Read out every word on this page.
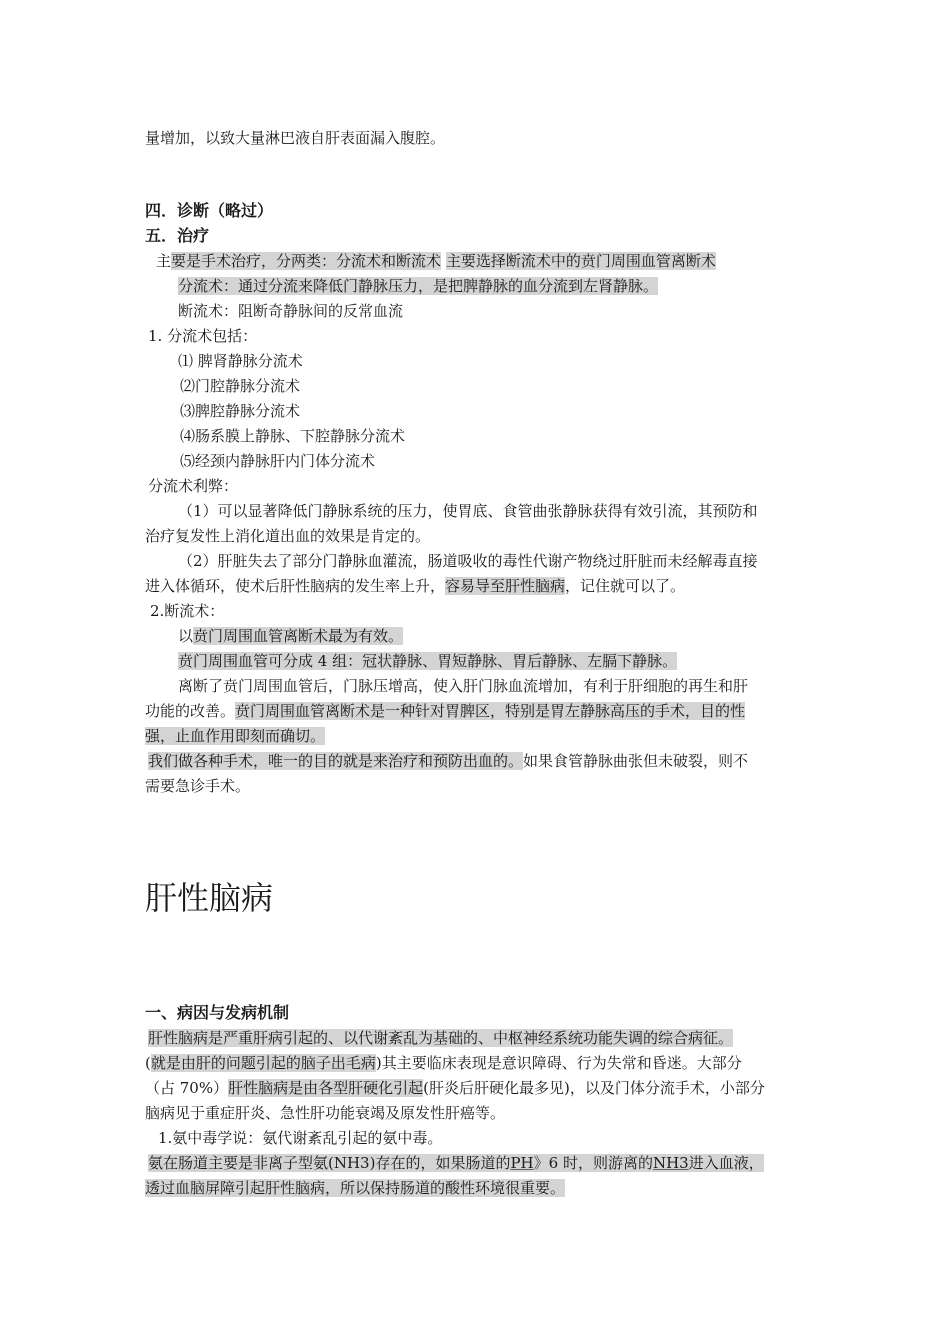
量增加，以致大量淋巴液自肝表面漏入腹腔。
四．诊断（略过）
五．治疗
主要是手术治疗，分两类：分流术和断流术 主要选择断流术中的贲门周围血管离断术
分流术：通过分流来降低门静脉压力，是把脾静脉的血分流到左肾静脉。
断流术：阻断奇静脉间的反常血流
1. 分流术包括：
⑴ 脾肾静脉分流术
⑵门腔静脉分流术
⑶脾腔静脉分流术
⑷肠系膜上静脉、下腔静脉分流术
⑸经颈内静脉肝内门体分流术
分流术利弊：
（1）可以显著降低门静脉系统的压力，使胃底、食管曲张静脉获得有效引流，其预防和
治疗复发性上消化道出血的效果是肯定的。
（2）肝脏失去了部分门静脉血灌流，肠道吸收的毒性代谢产物绕过肝脏而未经解毒直接
进入体循环，使术后肝性脑病的发生率上升，容易导至肝性脑病，记住就可以了。
2.断流术：
以贲门周围血管离断术最为有效。
贲门周围血管可分成 4 组：冠状静脉、胃短静脉、胃后静脉、左膈下静脉。
离断了贲门周围血管后，门脉压增高，使入肝门脉血流增加，有利于肝细胞的再生和肝
功能的改善。贲门周围血管离断术是一种针对胃脾区，特别是胃左静脉高压的手术，目的性
强，止血作用即刻而确切。
我们做各种手术，唯一的目的就是来治疗和预防出血的。如果食管静脉曲张但未破裂，则不
需要急诊手术。
肝性脑病
一、病因与发病机制
肝性脑病是严重肝病引起的、以代谢紊乱为基础的、中枢神经系统功能失调的综合病征。
(就是由肝的问题引起的脑子出毛病)其主要临床表现是意识障碍、行为失常和昏迷。大部分
（占 70%）肝性脑病是由各型肝硬化引起(肝炎后肝硬化最多见)，以及门体分流手术，小部分
脑病见于重症肝炎、急性肝功能衰竭及原发性肝癌等。
1.氨中毒学说：氨代谢紊乱引起的氨中毒。
氨在肠道主要是非离子型氨(NH3)存在的，如果肠道的PH》6 时，则游离的NH3进入血液，
透过血脑屏障引起肝性脑病，所以保持肠道的酸性环境很重要。
